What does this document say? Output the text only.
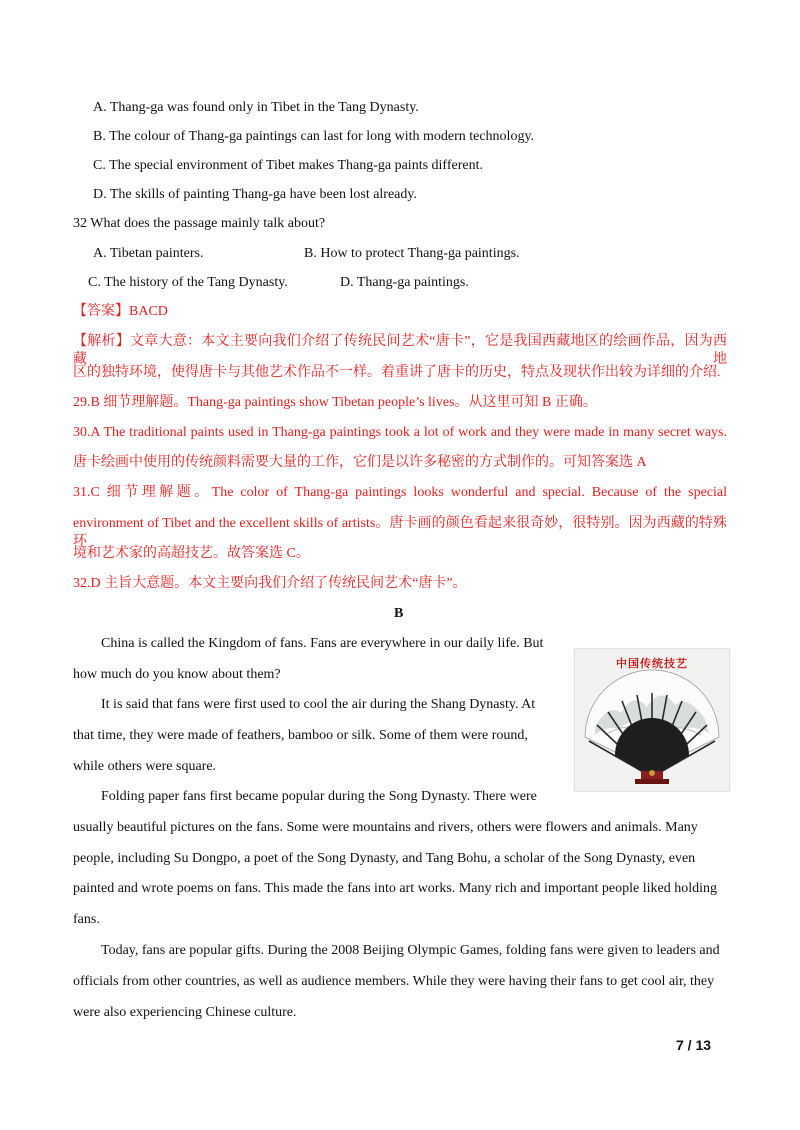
A. Thang-ga was found only in Tibet in the Tang Dynasty.
B. The colour of Thang-ga paintings can last for long with modern technology.
C. The special environment of Tibet makes Thang-ga paints different.
D. The skills of painting Thang-ga have been lost already.
32 What does the passage mainly talk about?
A. Tibetan painters.	B. How to protect Thang-ga paintings.
C. The history of the Tang Dynasty.	D. Thang-ga paintings.
【答案】BACD
【解析】文章大意：本文主要向我们介绍了传统民间艺术“唐卡”，它是我国西藏地区的绘画作品，因为西藏地
区的独特环境，使得唐卡与其他艺术作品不一样。着重讲了唐卡的历史，特点及现状作出较为详细的介绍.
29.B 细节理解题。Thang-ga paintings show Tibetan people’s lives。从这里可知 B 正确。
30.A The traditional paints used in Thang-ga paintings took a lot of work and they were made in many secret ways.
唐卡绘画中使用的传统颜料需要大量的工作，它们是以许多秘密的方式制作的。可知答案选 A
31.C 细节理解题。The color of Thang-ga paintings looks wonderful and special. Because of the special
environment of Tibet and the excellent skills of artists。唐卡画的颜色看起来很奇妙，很特别。因为西藏的特殊环
境和艺术家的高超技艺。故答案选 C。
32.D 主旨大意题。本文主要向我们介绍了传统民间艺术“唐卡”。
B
China is called the Kingdom of fans. Fans are everywhere in our daily life. But
how much do you know about them?
It is said that fans were first used to cool the air during the Shang Dynasty. At
that time, they were made of feathers, bamboo or silk. Some of them were round,
while others were square.
Folding paper fans first became popular during the Song Dynasty. There were
usually beautiful pictures on the fans. Some were mountains and rivers, others were flowers and animals. Many
people, including Su Dongpo, a poet of the Song Dynasty, and Tang Bohu, a scholar of the Song Dynasty, even
painted and wrote poems on fans. This made the fans into art works. Many rich and important people liked holding
fans.
Today, fans are popular gifts. During the 2008 Beijing Olympic Games, folding fans were given to leaders and
officials from other countries, as well as audience members. While they were having their fans to get cool air, they
were also experiencing Chinese culture.
中国传统技艺
7 / 13
